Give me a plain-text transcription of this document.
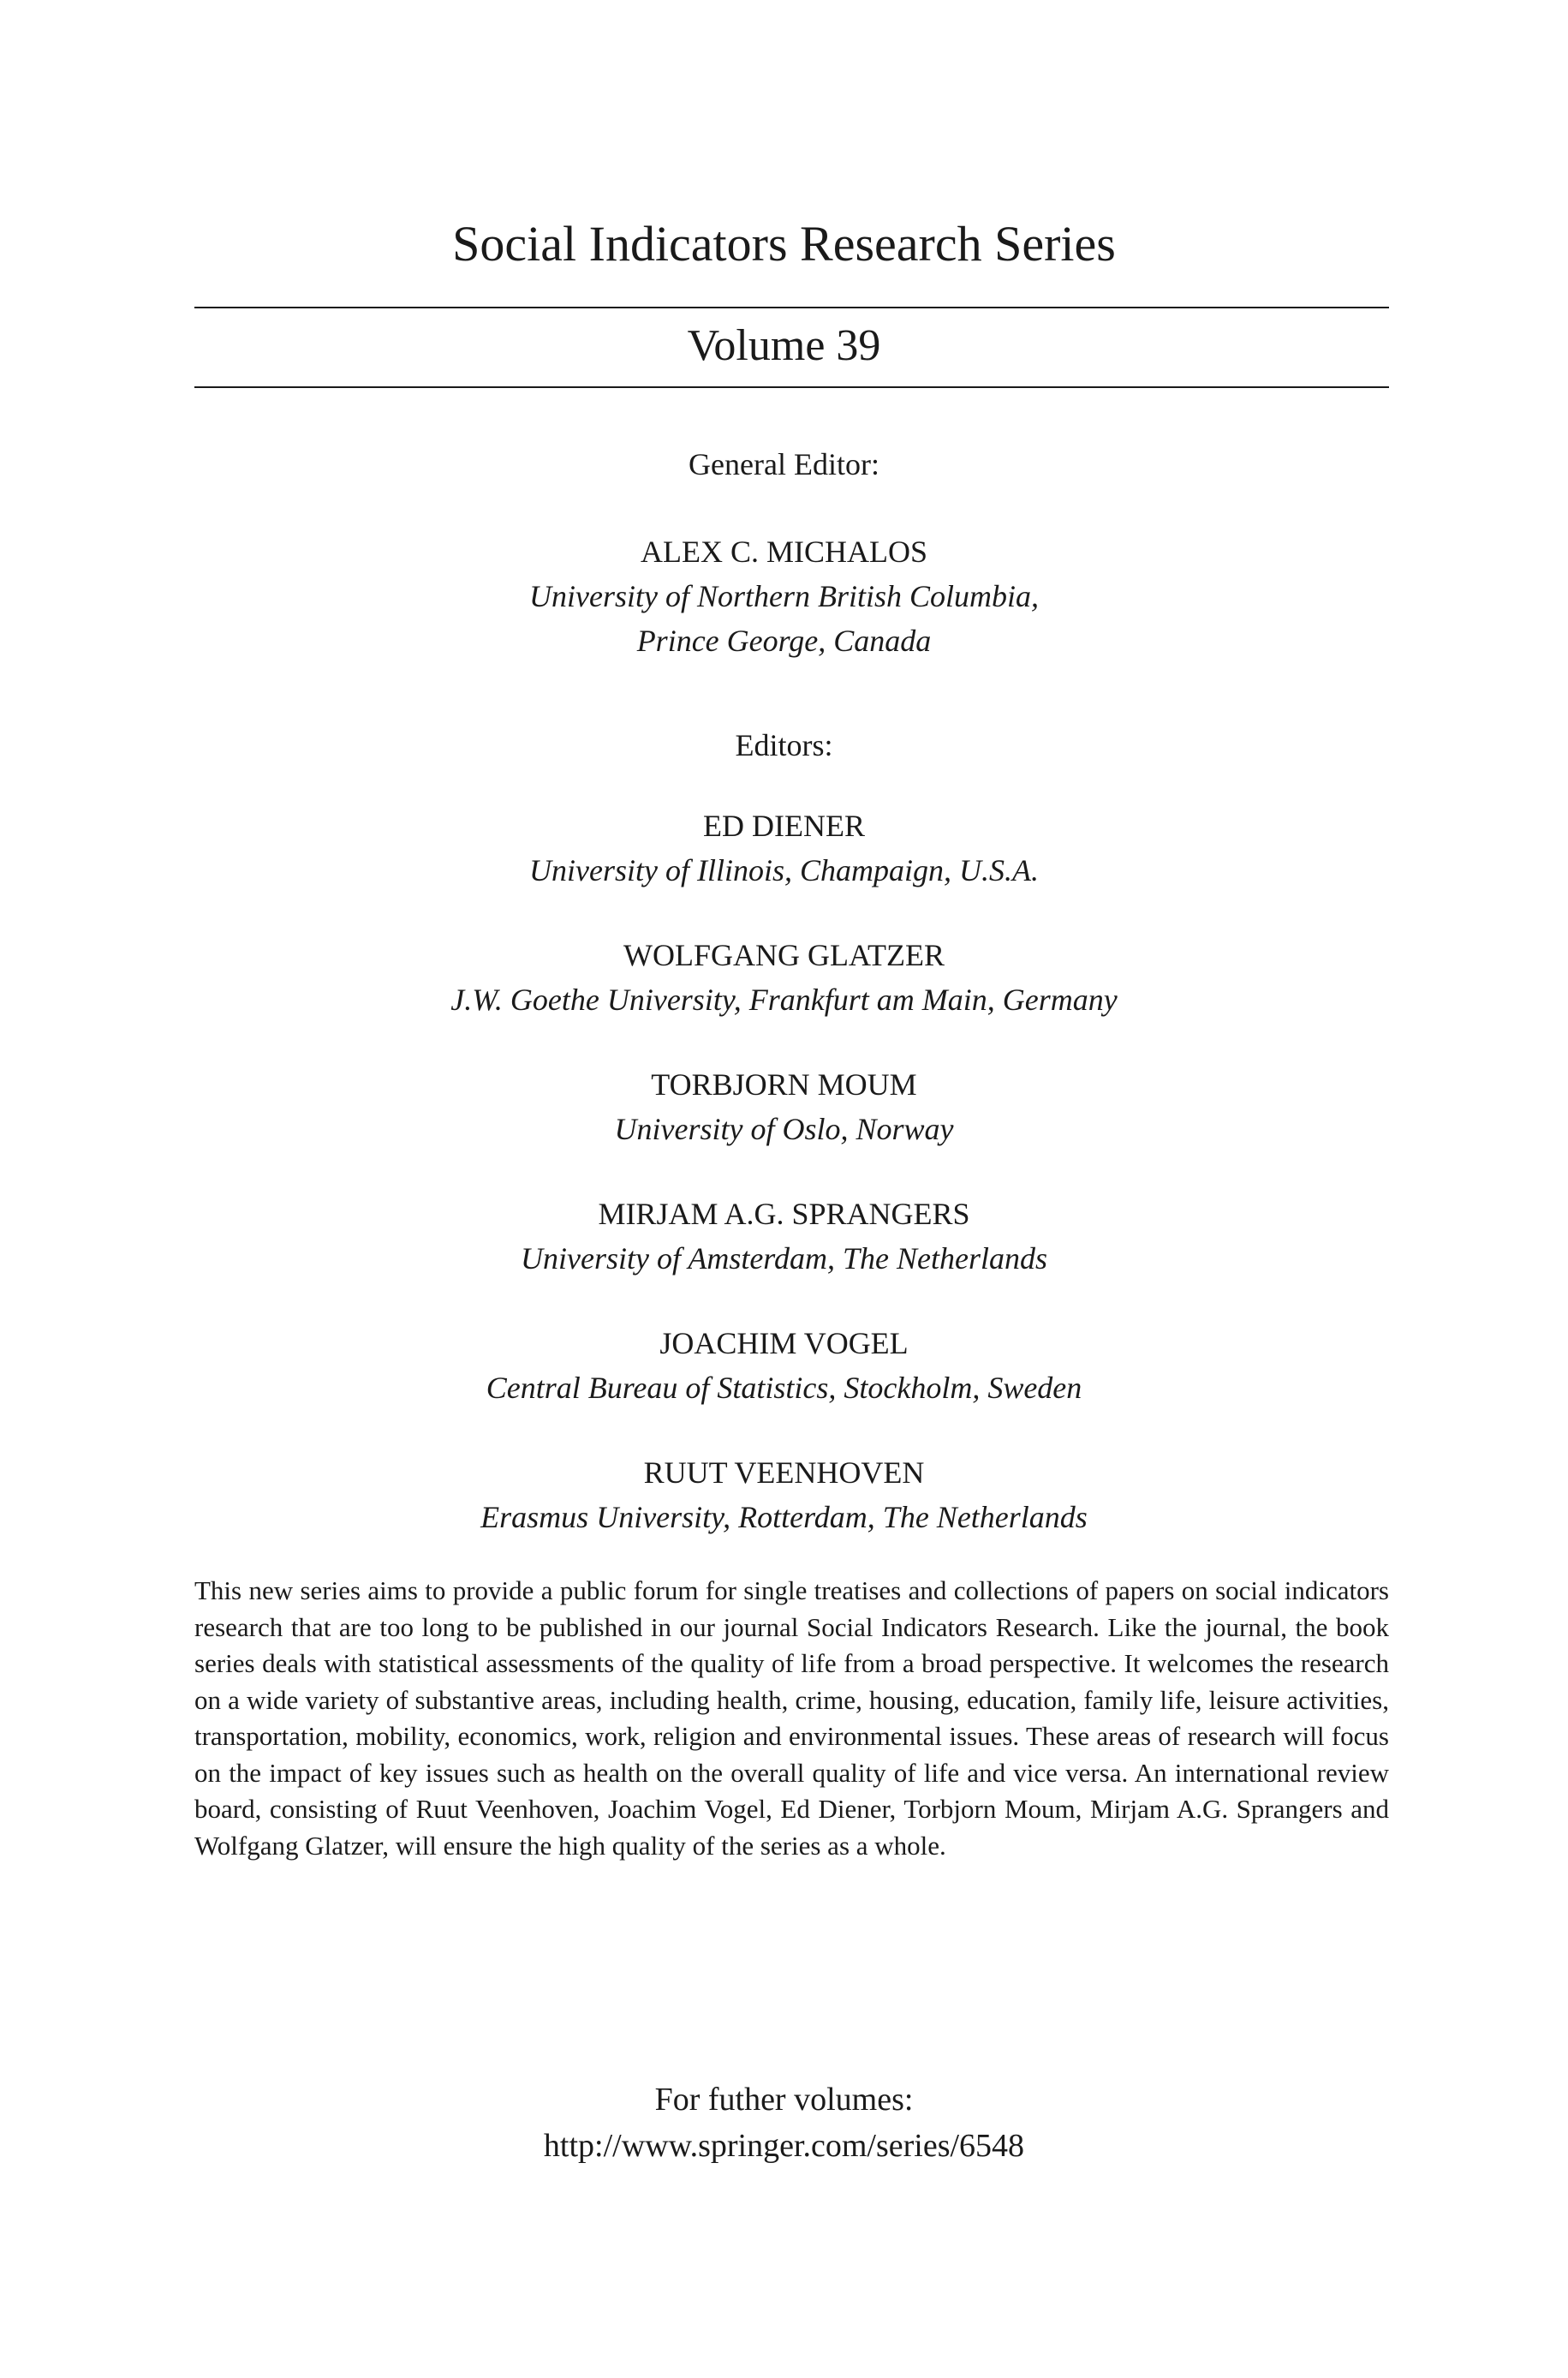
Social Indicators Research Series
Volume 39
General Editor:
ALEX C. MICHALOS
University of Northern British Columbia,
Prince George, Canada
Editors:
ED DIENER
University of Illinois, Champaign, U.S.A.
WOLFGANG GLATZER
J.W. Goethe University, Frankfurt am Main, Germany
TORBJORN MOUM
University of Oslo, Norway
MIRJAM A.G. SPRANGERS
University of Amsterdam, The Netherlands
JOACHIM VOGEL
Central Bureau of Statistics, Stockholm, Sweden
RUUT VEENHOVEN
Erasmus University, Rotterdam, The Netherlands

This new series aims to provide a public forum for single treatises and collections of papers on social indicators research that are too long to be published in our journal Social Indicators Research. Like the journal, the book series deals with statistical assessments of the quality of life from a broad perspective. It welcomes the research on a wide variety of substantive areas, including health, crime, housing, education, family life, leisure activities, transportation, mobility, economics, work, religion and environmental issues. These areas of research will focus on the impact of key issues such as health on the overall quality of life and vice versa. An international review board, consisting of Ruut Veenhoven, Joachim Vogel, Ed Diener, Torbjorn Moum, Mirjam A.G. Sprangers and Wolfgang Glatzer, will ensure the high quality of the series as a whole.

For futher volumes:
http://www.springer.com/series/6548
